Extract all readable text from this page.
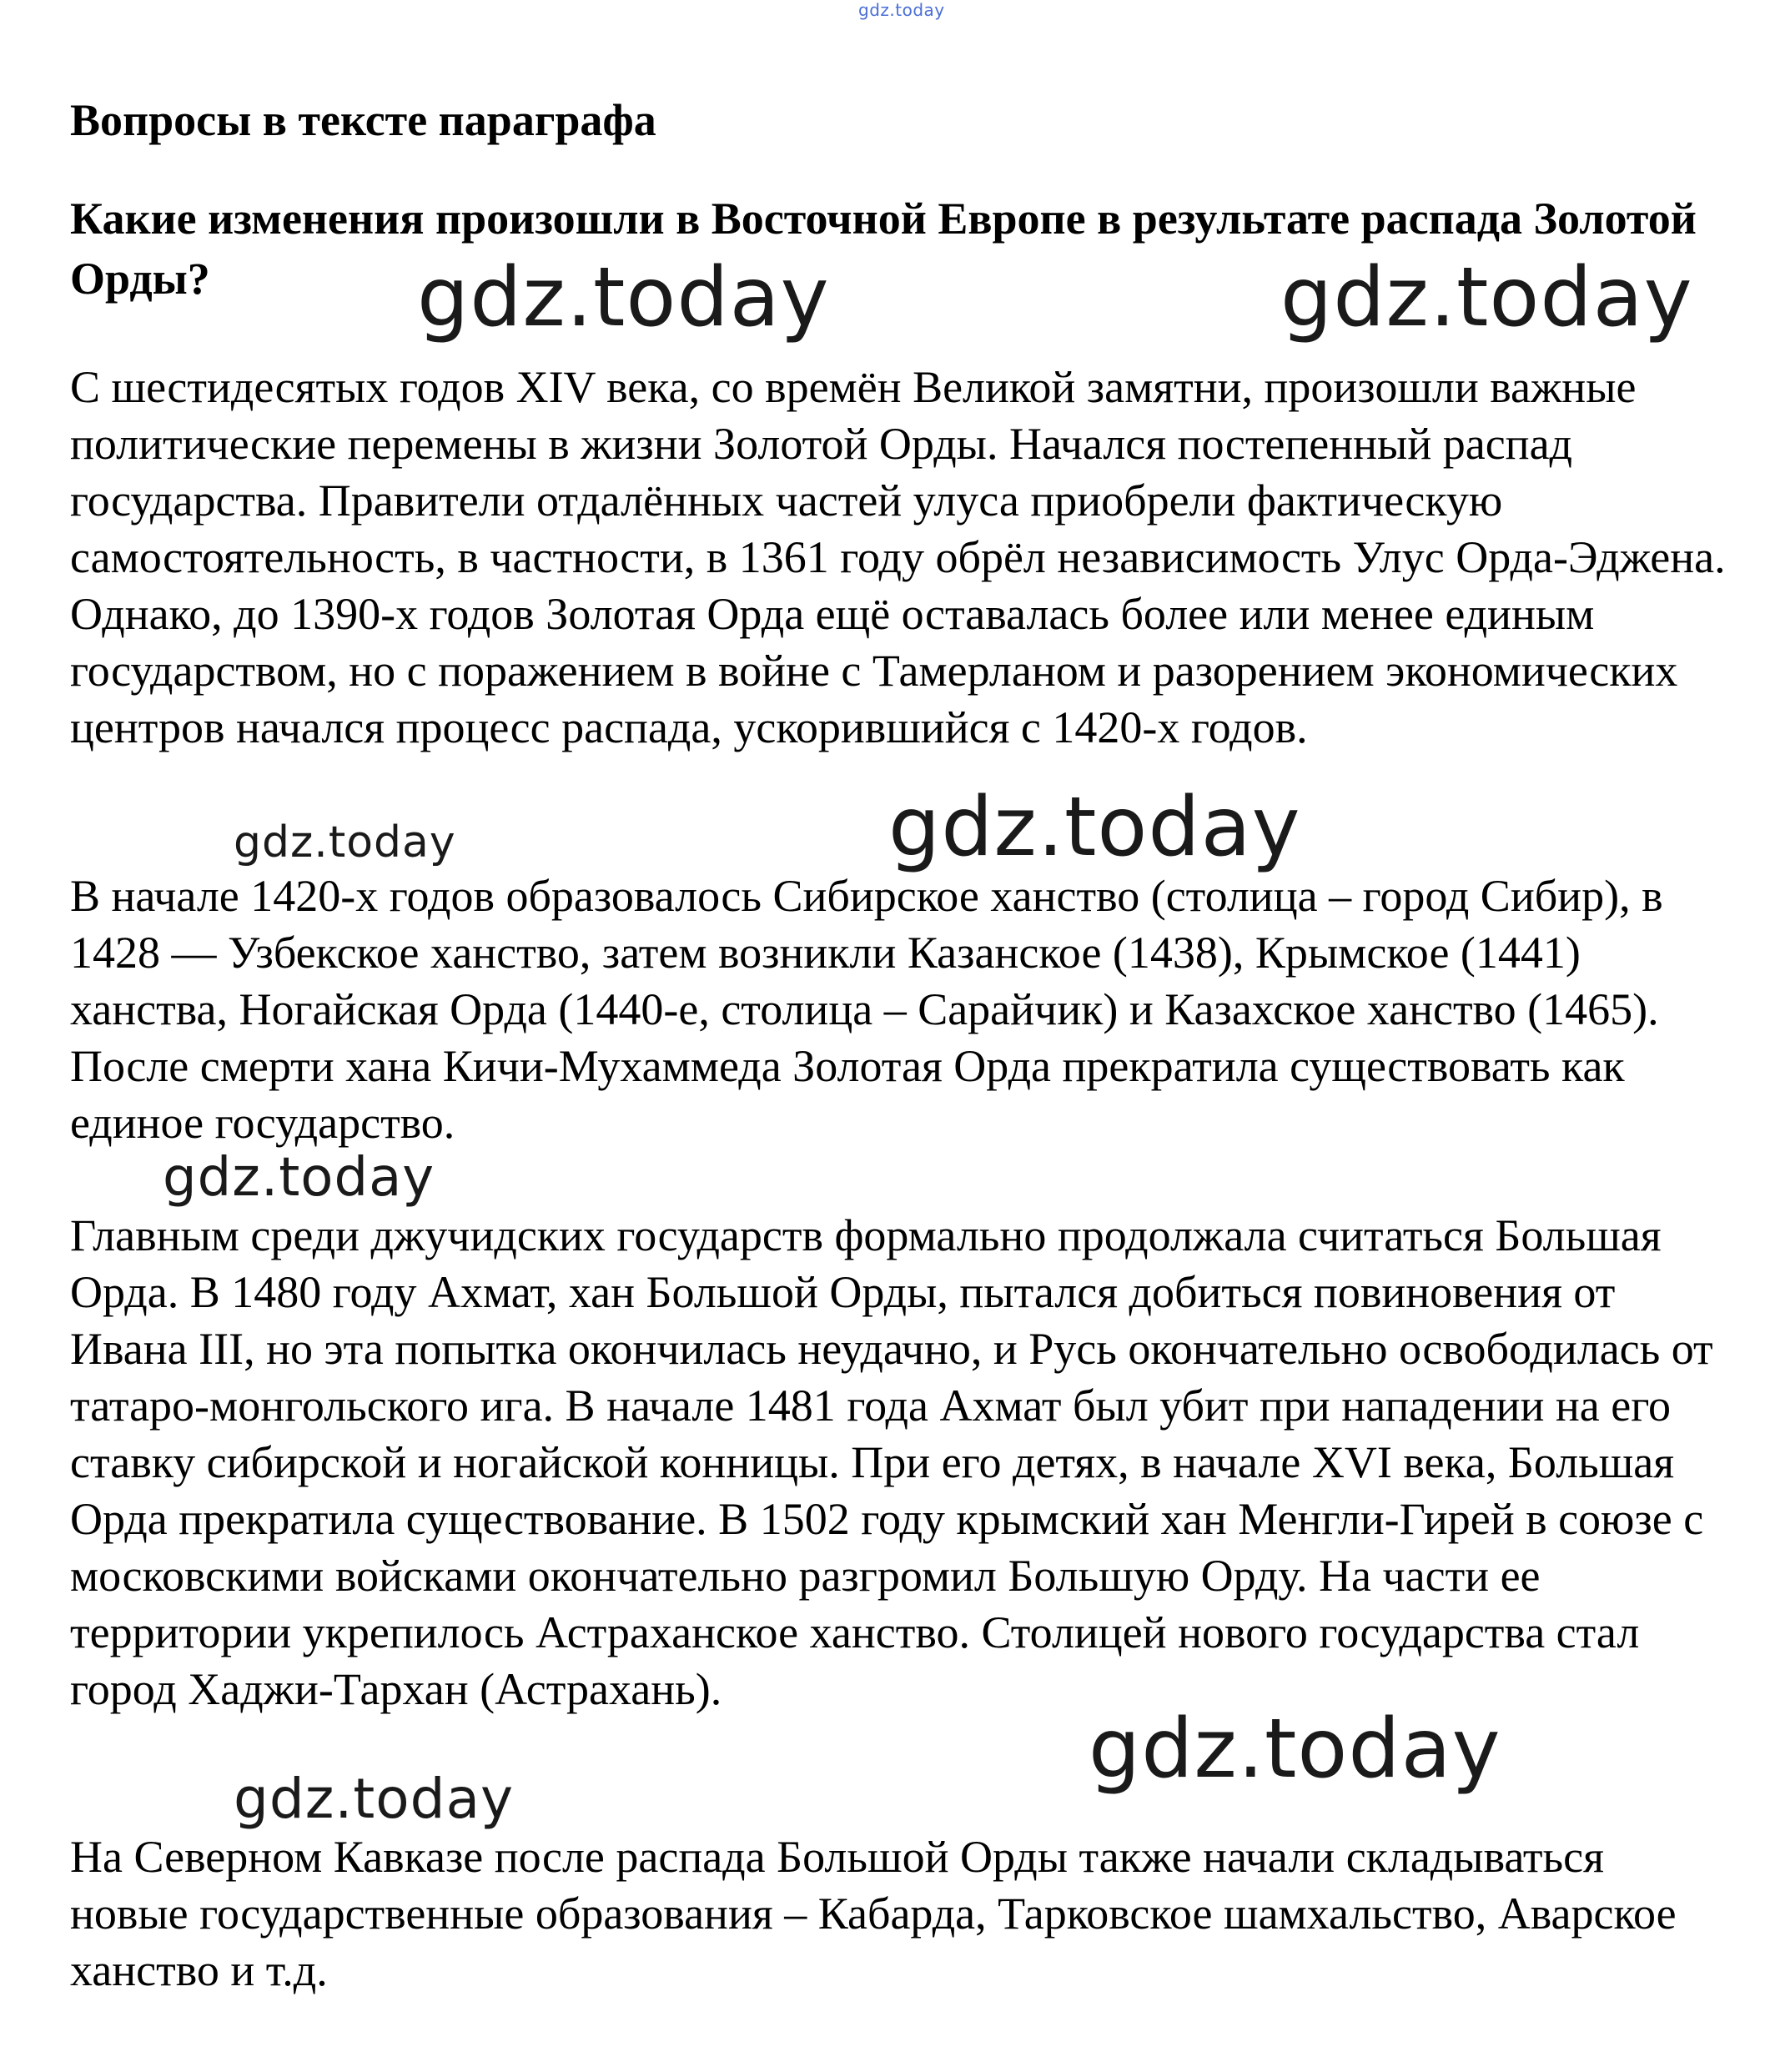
gdz.today
Вопросы в тексте параграфа
Какие изменения произошли в Восточной Европе в результате распада Золотой Орды?

С шестидесятых годов XIV века, со времён Великой замятни, произошли важные политические перемены в жизни Золотой Орды. Начался постепенный распад государства. Правители отдалённых частей улуса приобрели фактическую самостоятельность, в частности, в 1361 году обрёл независимость Улус Орда-Эджена. Однако, до 1390-х годов Золотая Орда ещё оставалась более или менее единым государством, но с поражением в войне с Тамерланом и разорением экономических центров начался процесс распада, ускорившийся с 1420-х годов.

В начале 1420-х годов образовалось Сибирское ханство (столица – город Сибир), в 1428 — Узбекское ханство, затем возникли Казанское (1438), Крымское (1441) ханства, Ногайская Орда (1440-е, столица – Сарайчик) и Казахское ханство (1465). После смерти хана Кичи-Мухаммеда Золотая Орда прекратила существовать как единое государство.

Главным среди джучидских государств формально продолжала считаться Большая Орда. В 1480 году Ахмат, хан Большой Орды, пытался добиться повиновения от Ивана III, но эта попытка окончилась неудачно, и Русь окончательно освободилась от татаро-монгольского ига. В начале 1481 года Ахмат был убит при нападении на его ставку сибирской и ногайской конницы. При его детях, в начале XVI века, Большая Орда прекратила существование. В 1502 году крымский хан Менгли-Гирей в союзе с московскими войсками окончательно разгромил Большую Орду. На части ее территории укрепилось Астраханское ханство. Столицей нового государства стал город Хаджи-Тархан (Астрахань).

На Северном Кавказе после распада Большой Орды также начали складываться новые государственные образования – Кабарда, Тарковское шамхальство, Аварское ханство и т.д.

gdz.today	gdz.today
gdz.today	gdz.today
gdz.today
gdz.today
gdz.today
